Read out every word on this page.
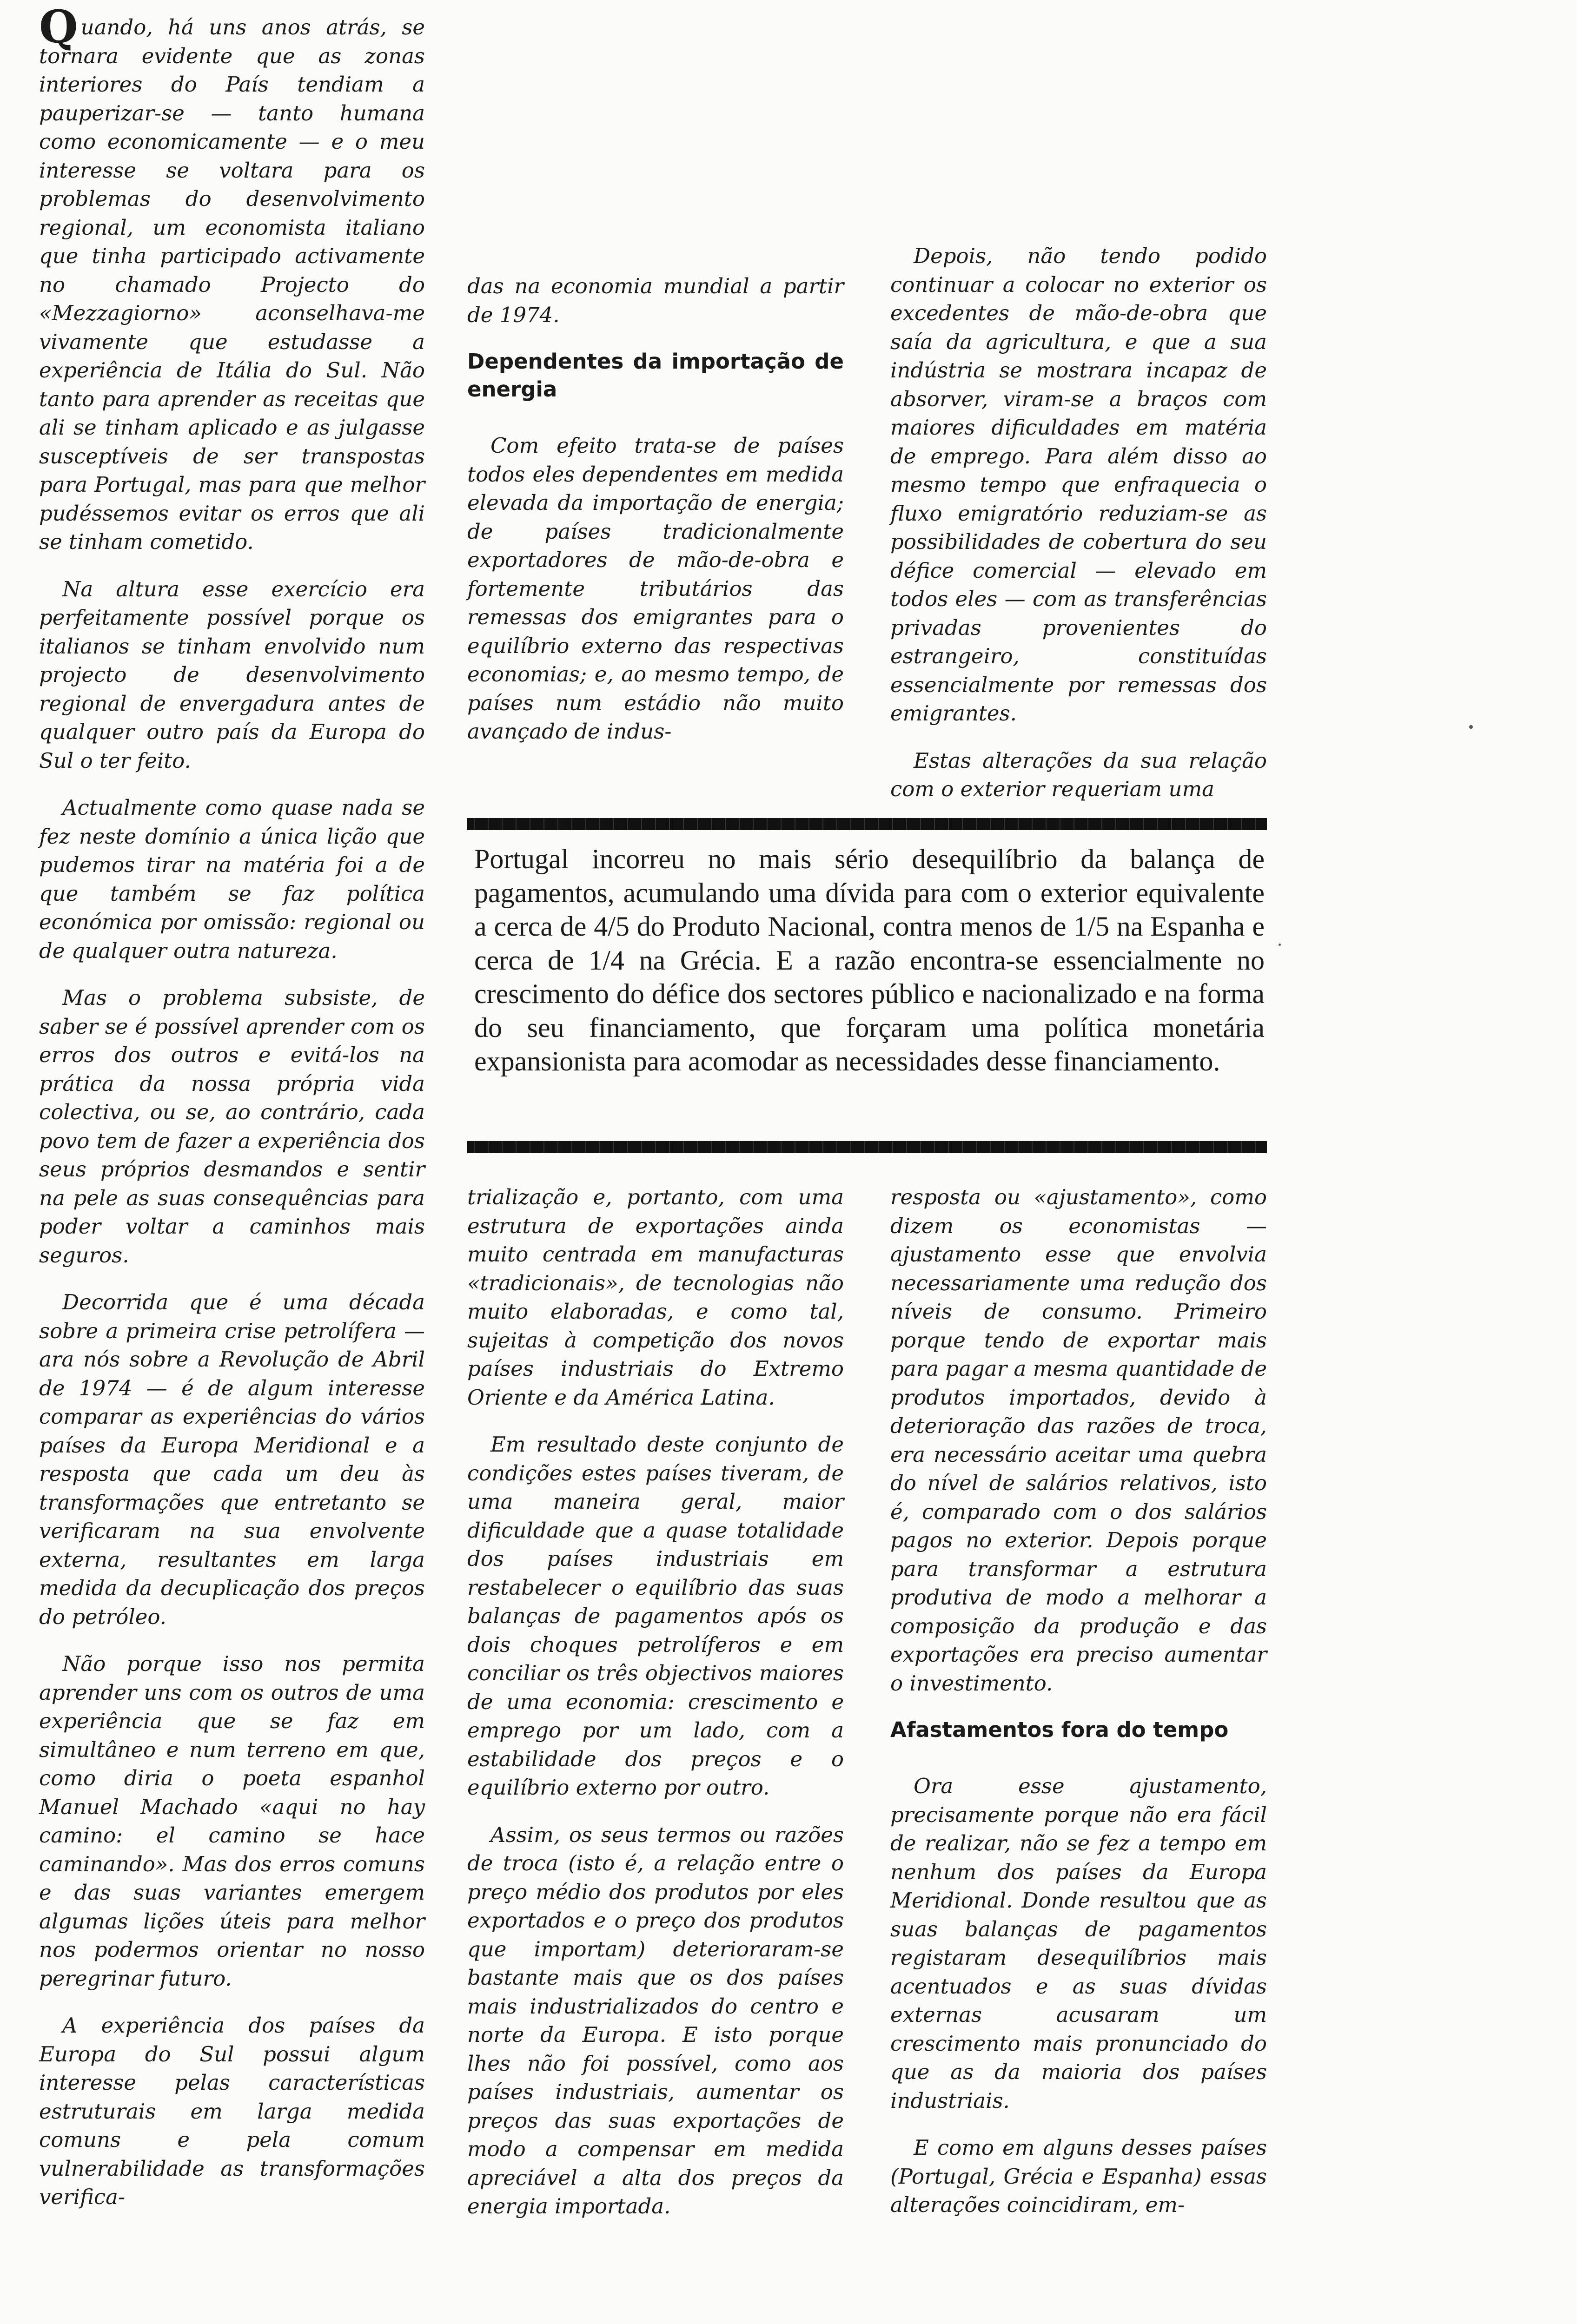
Quando, há uns anos atrás, se tornara evidente que as zonas interiores do País tendiam a pauperizar-se — tanto humana como economicamente — e o meu interesse se voltara para os problemas do desenvolvimento regional, um economista italiano que tinha participado activamente no chamado Projecto do «Mezzagiorno» aconselhava-me vivamente que estudasse a experiência de Itália do Sul. Não tanto para aprender as receitas que ali se tinham aplicado e as julgasse susceptíveis de ser transpostas para Portugal, mas para que melhor pudéssemos evitar os erros que ali se tinham cometido.

Na altura esse exercício era perfeitamente possível porque os italianos se tinham envolvido num projecto de desenvolvimento regional de envergadura antes de qualquer outro país da Europa do Sul o ter feito.

Actualmente como quase nada se fez neste domínio a única lição que pudemos tirar na matéria foi a de que também se faz política económica por omissão: regional ou de qualquer outra natureza.

Mas o problema subsiste, de saber se é possível aprender com os erros dos outros e evitá-los na prática da nossa própria vida colectiva, ou se, ao contrário, cada povo tem de fazer a experiência dos seus próprios desmandos e sentir na pele as suas consequências para poder voltar a caminhos mais seguros.

Decorrida que é uma década sobre a primeira crise petrolífera — ara nós sobre a Revolução de Abril de 1974 — é de algum interesse comparar as experiências do vários países da Europa Meridional e a resposta que cada um deu às transformações que entretanto se verificaram na sua envolvente externa, resultantes em larga medida da decuplicação dos preços do petróleo.

Não porque isso nos permita aprender uns com os outros de uma experiência que se faz em simultâneo e num terreno em que, como diria o poeta espanhol Manuel Machado «aqui no hay camino: el camino se hace caminando». Mas dos erros comuns e das suas variantes emergem algumas lições úteis para melhor nos podermos orientar no nosso peregrinar futuro.

A experiência dos países da Europa do Sul possui algum interesse pelas características estruturais em larga medida comuns e pela comum vulnerabilidade as transformações verifica-

das na economia mundial a partir de 1974.

Dependentes da importação de energia

Com efeito trata-se de países todos eles dependentes em medida elevada da importação de energia; de países tradicionalmente exportadores de mão-de-obra e fortemente tributários das remessas dos emigrantes para o equilíbrio externo das respectivas economias; e, ao mesmo tempo, de países num estádio não muito avançado de indus-

Depois, não tendo podido continuar a colocar no exterior os excedentes de mão-de-obra que saía da agricultura, e que a sua indústria se mostrara incapaz de absorver, viram-se a braços com maiores dificuldades em matéria de emprego. Para além disso ao mesmo tempo que enfraquecia o fluxo emigratório reduziam-se as possibilidades de cobertura do seu défice comercial — elevado em todos eles — com as transferências privadas provenientes do estrangeiro, constituídas essencialmente por remessas dos emigrantes.

Estas alterações da sua relação com o exterior requeriam uma

Portugal incorreu no mais sério desequilíbrio da balança de pagamentos, acumulando uma dívida para com o exterior equivalente a cerca de 4/5 do Produto Nacional, contra menos de 1/5 na Espanha e cerca de 1/4 na Grécia. E a razão encontra-se essencialmente no crescimento do défice dos sectores público e nacionalizado e na forma do seu financiamento, que forçaram uma política monetária expansionista para acomodar as necessidades desse financiamento.

trialização e, portanto, com uma estrutura de exportações ainda muito centrada em manufacturas «tradicionais», de tecnologias não muito elaboradas, e como tal, sujeitas à competição dos novos países industriais do Extremo Oriente e da América Latina.

Em resultado deste conjunto de condições estes países tiveram, de uma maneira geral, maior dificuldade que a quase totalidade dos países industriais em restabelecer o equilíbrio das suas balanças de pagamentos após os dois choques petrolíferos e em conciliar os três objectivos maiores de uma economia: crescimento e emprego por um lado, com a estabilidade dos preços e o equilíbrio externo por outro.

Assim, os seus termos ou razões de troca (isto é, a relação entre o preço médio dos produtos por eles exportados e o preço dos produtos que importam) deterioraram-se bastante mais que os dos países mais industrializados do centro e norte da Europa. E isto porque lhes não foi possível, como aos países industriais, aumentar os preços das suas exportações de modo a compensar em medida apreciável a alta dos preços da energia importada.

resposta ou «ajustamento», como dizem os economistas — ajustamento esse que envolvia necessariamente uma redução dos níveis de consumo. Primeiro porque tendo de exportar mais para pagar a mesma quantidade de produtos importados, devido à deterioração das razões de troca, era necessário aceitar uma quebra do nível de salários relativos, isto é, comparado com o dos salários pagos no exterior. Depois porque para transformar a estrutura produtiva de modo a melhorar a composição da produção e das exportações era preciso aumentar o investimento.

Afastamentos fora do tempo

Ora esse ajustamento, precisamente porque não era fácil de realizar, não se fez a tempo em nenhum dos países da Europa Meridional. Donde resultou que as suas balanças de pagamentos registaram desequilíbrios mais acentuados e as suas dívidas externas acusaram um crescimento mais pronunciado do que as da maioria dos países industriais.

E como em alguns desses países (Portugal, Grécia e Espanha) essas alterações coincidiram, em-
